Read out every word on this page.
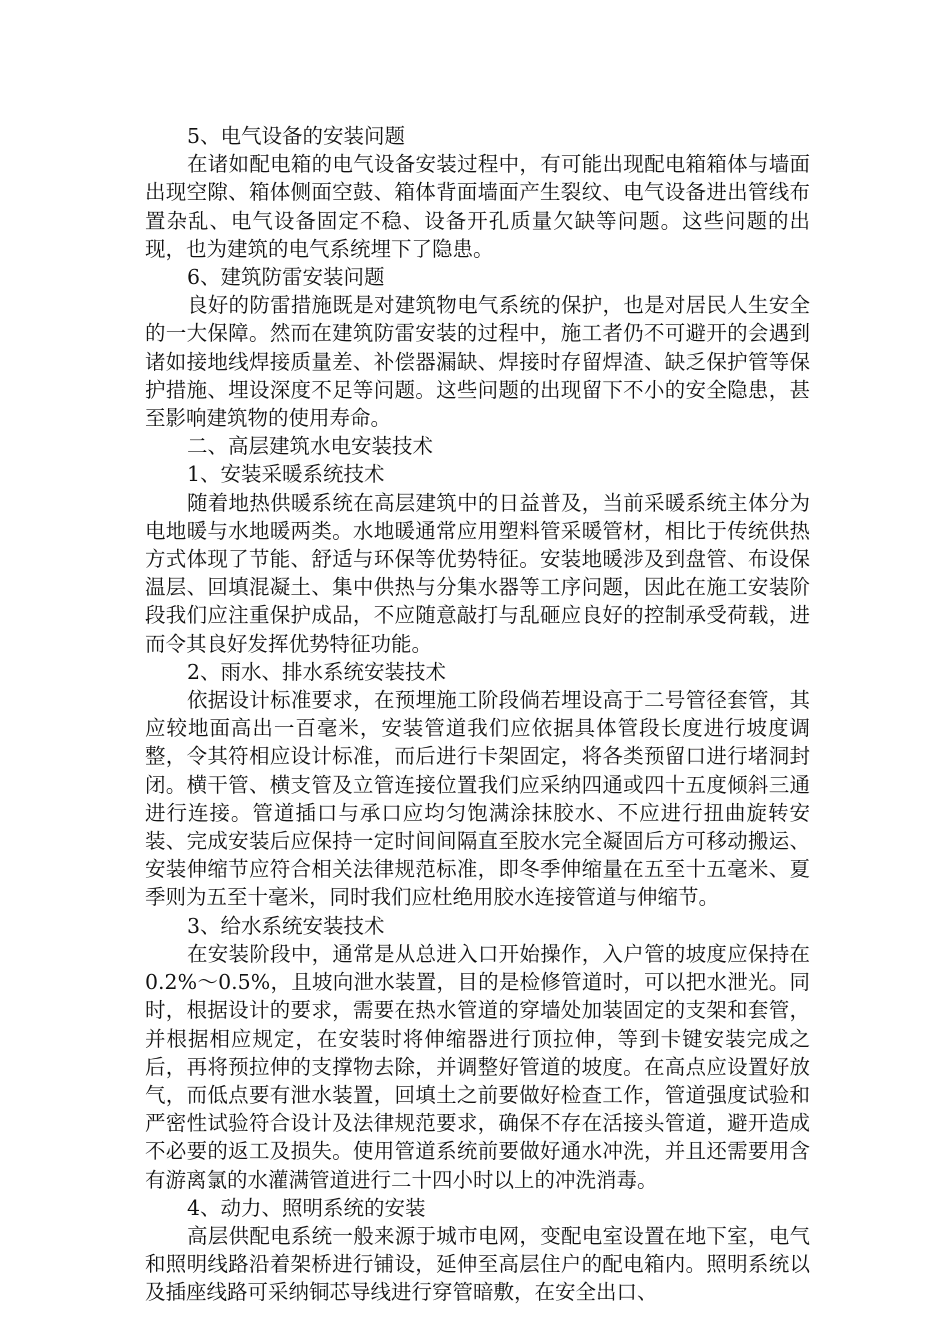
5、电气设备的安装问题

在诸如配电箱的电气设备安装过程中，有可能出现配电箱箱体与墙面出现空隙、箱体侧面空鼓、箱体背面墙面产生裂纹、电气设备进出管线布置杂乱、电气设备固定不稳、设备开孔质量欠缺等问题。这些问题的出现，也为建筑的电气系统埋下了隐患。

6、建筑防雷安装问题

良好的防雷措施既是对建筑物电气系统的保护，也是对居民人生安全的一大保障。然而在建筑防雷安装的过程中，施工者仍不可避开的会遇到诸如接地线焊接质量差、补偿器漏缺、焊接时存留焊渣、缺乏保护管等保护措施、埋设深度不足等问题。这些问题的出现留下不小的安全隐患，甚至影响建筑物的使用寿命。

二、高层建筑水电安装技术

1、安装采暖系统技术

随着地热供暖系统在高层建筑中的日益普及，当前采暖系统主体分为电地暖与水地暖两类。水地暖通常应用塑料管采暖管材，相比于传统供热方式体现了节能、舒适与环保等优势特征。安装地暖涉及到盘管、布设保温层、回填混凝土、集中供热与分集水器等工序问题，因此在施工安装阶段我们应注重保护成品，不应随意敲打与乱砸应良好的控制承受荷载，进而令其良好发挥优势特征功能。

2、雨水、排水系统安装技术

依据设计标准要求，在预埋施工阶段倘若埋设高于二号管径套管，其应较地面高出一百毫米，安装管道我们应依据具体管段长度进行坡度调整，令其符相应设计标准，而后进行卡架固定，将各类预留口进行堵洞封闭。横干管、横支管及立管连接位置我们应采纳四通或四十五度倾斜三通进行连接。管道插口与承口应均匀饱满涂抹胶水、不应进行扭曲旋转安装、完成安装后应保持一定时间间隔直至胶水完全凝固后方可移动搬运、安装伸缩节应符合相关法律规范标准，即冬季伸缩量在五至十五毫米、夏季则为五至十毫米，同时我们应杜绝用胶水连接管道与伸缩节。

3、给水系统安装技术

在安装阶段中，通常是从总进入口开始操作，入户管的坡度应保持在0.2%～0.5%，且坡向泄水装置，目的是检修管道时，可以把水泄光。同时，根据设计的要求，需要在热水管道的穿墙处加装固定的支架和套管，并根据相应规定，在安装时将伸缩器进行顶拉伸，等到卡键安装完成之后，再将预拉伸的支撑物去除，并调整好管道的坡度。在高点应设置好放气，而低点要有泄水装置，回填土之前要做好检查工作，管道强度试验和严密性试验符合设计及法律规范要求，确保不存在活接头管道，避开造成不必要的返工及损失。使用管道系统前要做好通水冲洗，并且还需要用含有游离氯的水灌满管道进行二十四小时以上的冲洗消毒。

4、动力、照明系统的安装

高层供配电系统一般来源于城市电网，变配电室设置在地下室，电气和照明线路沿着架桥进行铺设，延伸至高层住户的配电箱内。照明系统以及插座线路可采纳铜芯导线进行穿管暗敷，在安全出口、
